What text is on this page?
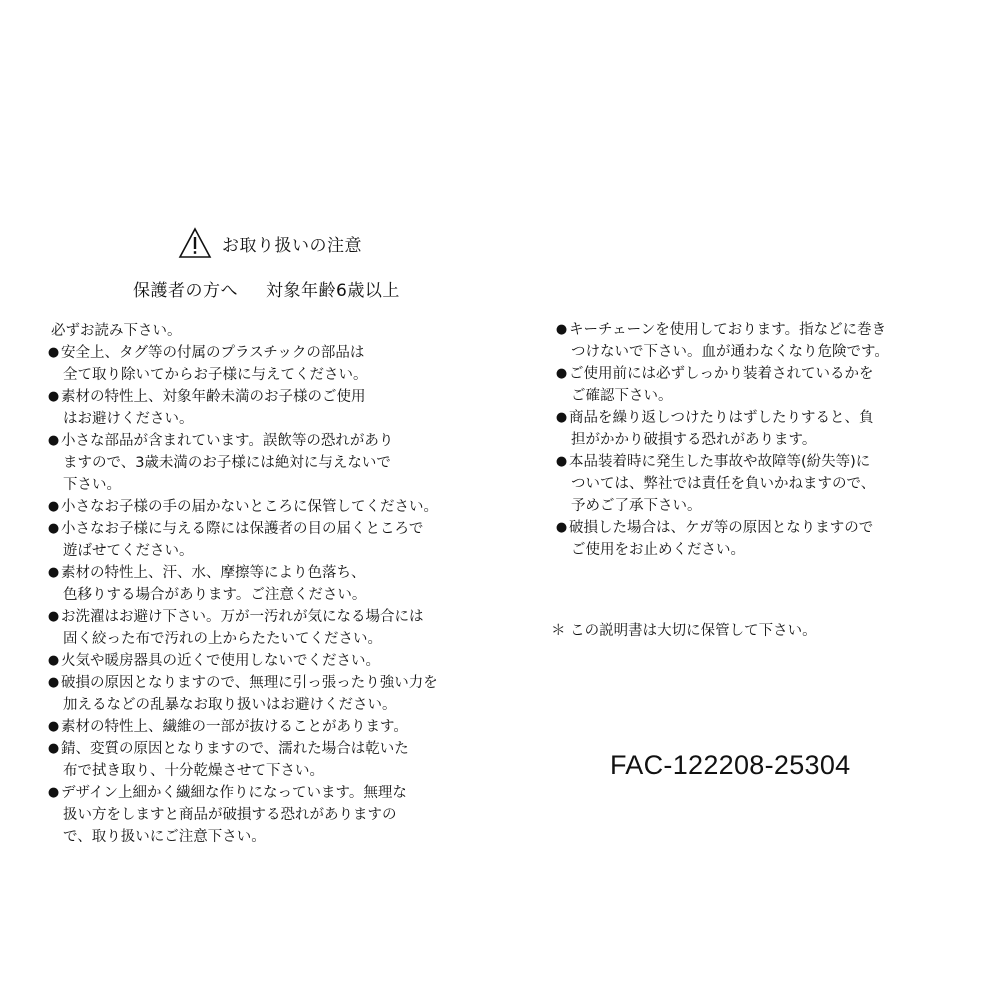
お取り扱いの注意
保護者の方へ 対象年齢6歳以上
必ずお読み下さい。
● 安全上、タグ等の付属のプラスチックの部品は
全て取り除いてからお子様に与えてください。
● 素材の特性上、対象年齢未満のお子様のご使用
はお避けください。
● 小さな部品が含まれています。誤飲等の恐れがあり
ますので、3歳未満のお子様には絶対に与えないで
下さい。
● 小さなお子様の手の届かないところに保管してください。
● 小さなお子様に与える際には保護者の目の届くところで
遊ばせてください。
● 素材の特性上、汗、水、摩擦等により色落ち、
色移りする場合があります。ご注意ください。
● お洗濯はお避け下さい。万が一汚れが気になる場合には
固く絞った布で汚れの上からたたいてください。
● 火気や暖房器具の近くで使用しないでください。
● 破損の原因となりますので、無理に引っ張ったり強い力を
加えるなどの乱暴なお取り扱いはお避けください。
● 素材の特性上、繊維の一部が抜けることがあります。
● 錆、変質の原因となりますので、濡れた場合は乾いた
布で拭き取り、十分乾燥させて下さい。
● デザイン上細かく繊細な作りになっています。無理な
扱い方をしますと商品が破損する恐れがありますの
で、取り扱いにご注意下さい。
● キーチェーンを使用しております。指などに巻き
つけないで下さい。血が通わなくなり危険です。
● ご使用前には必ずしっかり装着されているかを
ご確認下さい。
● 商品を繰り返しつけたりはずしたりすると、負
担がかかり破損する恐れがあります。
● 本品装着時に発生した事故や故障等(紛失等)に
ついては、弊社では責任を負いかねますので、
予めご了承下さい。
● 破損した場合は、ケガ等の原因となりますので
ご使用をお止めください。
＊ この説明書は大切に保管して下さい。
FAC-122208-25304
